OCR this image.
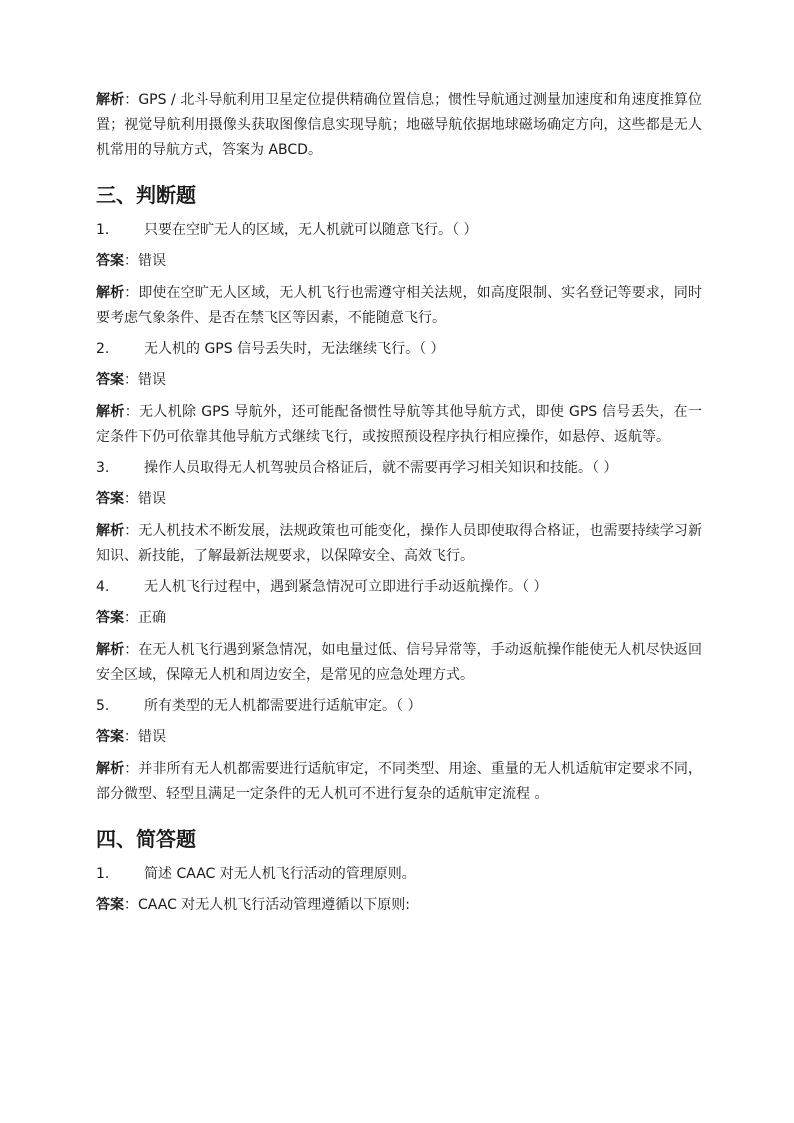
解析：GPS / 北斗导航利用卫星定位提供精确位置信息；惯性导航通过测量加速度和角速度推算位置；视觉导航利用摄像头获取图像信息实现导航；地磁导航依据地球磁场确定方向，这些都是无人机常用的导航方式，答案为 ABCD。

三、判断题

1. 只要在空旷无人的区域，无人机就可以随意飞行。（ ）

答案：错误

解析：即使在空旷无人区域，无人机飞行也需遵守相关法规，如高度限制、实名登记等要求，同时要考虑气象条件、是否在禁飞区等因素，不能随意飞行。

2. 无人机的 GPS 信号丢失时，无法继续飞行。（ ）

答案：错误

解析：无人机除 GPS 导航外，还可能配备惯性导航等其他导航方式，即使 GPS 信号丢失，在一定条件下仍可依靠其他导航方式继续飞行，或按照预设程序执行相应操作，如悬停、返航等。

3. 操作人员取得无人机驾驶员合格证后，就不需要再学习相关知识和技能。（ ）

答案：错误

解析：无人机技术不断发展，法规政策也可能变化，操作人员即使取得合格证，也需要持续学习新知识、新技能，了解最新法规要求，以保障安全、高效飞行。

4. 无人机飞行过程中，遇到紧急情况可立即进行手动返航操作。（ ）

答案：正确

解析：在无人机飞行遇到紧急情况，如电量过低、信号异常等，手动返航操作能使无人机尽快返回安全区域，保障无人机和周边安全，是常见的应急处理方式。

5. 所有类型的无人机都需要进行适航审定。（ ）

答案：错误

解析：并非所有无人机都需要进行适航审定，不同类型、用途、重量的无人机适航审定要求不同，部分微型、轻型且满足一定条件的无人机可不进行复杂的适航审定流程 。

四、简答题

1. 简述 CAAC 对无人机飞行活动的管理原则。

答案：CAAC 对无人机飞行活动管理遵循以下原则:
